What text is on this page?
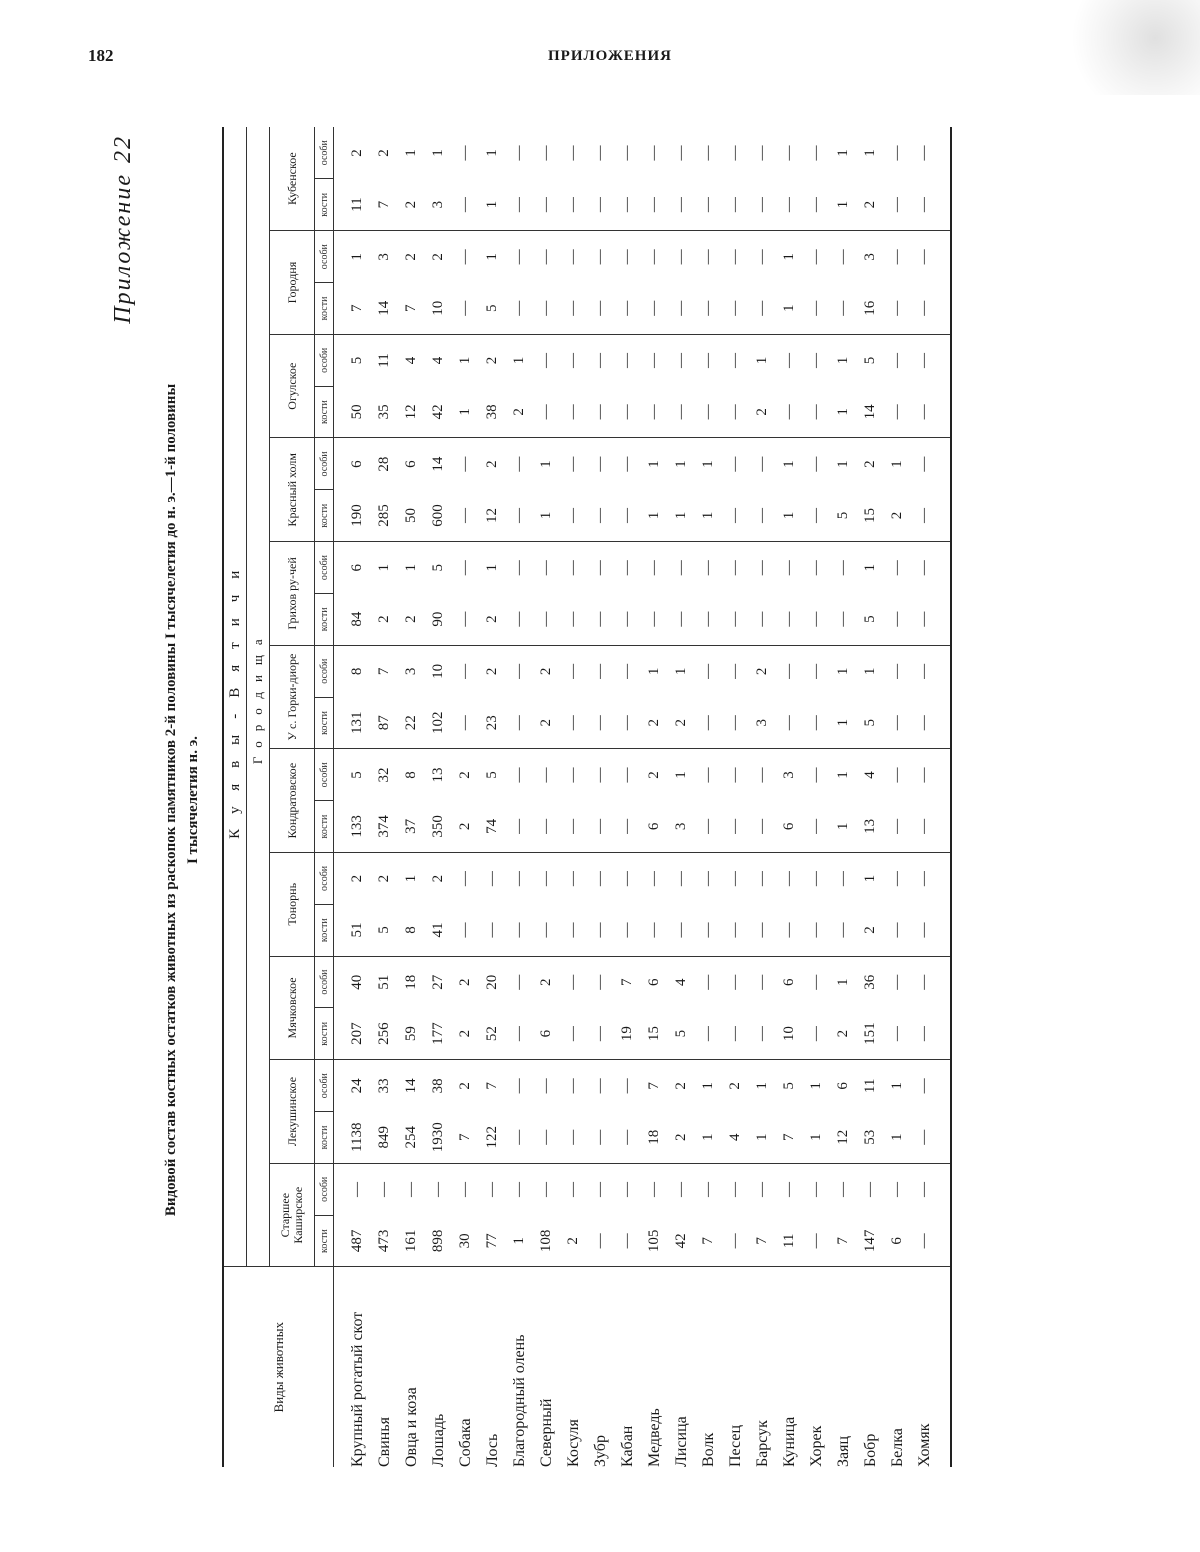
182	ПРИЛОЖЕНИЯ
Приложение22
Видовой состав костных остатков животных из раскопок памятников 2-й половины I тысячелетия до н. э.—1-й половины I тысячелетия н. э.
Виды животных	Куявы-Вятичи																					
	Городища																					
	Старшее Каширское		Лекушинское		Мячковское		Тонорнь		Кондратовское		У с. Горки-диоре		Грихов ру-чей		Красный холм		Огулское		Городня		Кубенское	
	кости	особи	кости	особи	кости	особи	кости	особи	кости	особи	кости	особи	кости	особи	кости	особи	кости	особи	кости	особи	кости	особи
Крупный рогатый скот	487	—	1138	24	207	40	51	2	133	5	131	8	84	6	190	6	50	5	7	1	11	2
Свинья	473	—	849	33	256	51	5	2	374	32	87	7	2	1	285	28	35	11	14	3	7	2
Овца и коза	161	—	254	14	59	18	8	1	37	8	22	3	2	1	50	6	12	4	7	2	2	1
Лошадь	898	—	1930	38	177	27	41	2	350	13	102	10	90	5	600	14	42	4	10	2	3	1
Собака	30	—	7	2	2	2	—	—	2	2	—	—	—	—	—	—	1	1	—	—	—	—
Лось	77	—	122	7	52	20	—	—	74	5	23	2	2	1	12	2	38	2	5	1	1	1
Благородный олень	1	—	—	—	—	—	—	—	—	—	—	—	—	—	—	—	2	1	—	—	—	—
Северный	108	—	—	—	6	2	—	—	—	—	2	2	—	—	1	1	—	—	—	—	—	—
Косуля	2	—	—	—	—	—	—	—	—	—	—	—	—	—	—	—	—	—	—	—	—	—
Зубр	—	—	—	—	—	—	—	—	—	—	—	—	—	—	—	—	—	—	—	—	—	—
Кабан	—	—	—	—	19	7	—	—	—	—	—	—	—	—	—	—	—	—	—	—	—	—
Медведь	105	—	18	7	15	6	—	—	6	2	2	1	—	—	1	1	—	—	—	—	—	—
Лисица	42	—	2	2	5	4	—	—	3	1	2	1	—	—	1	1	—	—	—	—	—	—
Волк	7	—	1	1	—	—	—	—	—	—	—	—	—	—	1	1	—	—	—	—	—	—
Песец	—	—	4	2	—	—	—	—	—	—	—	—	—	—	—	—	—	—	—	—	—	—
Барсук	7	—	1	1	—	—	—	—	—	—	3	2	—	—	—	—	2	1	—	—	—	—
Куница	11	—	7	5	10	6	—	—	6	3	—	—	—	—	1	1	—	—	1	1	—	—
Хорек	—	—	1	1	—	—	—	—	—	—	—	—	—	—	—	—	—	—	—	—	—	—
Заяц	7	—	12	6	2	1	—	—	1	1	1	1	—	—	5	1	1	1	—	—	1	1
Бобр	147	—	53	11	151	36	2	1	13	4	5	1	5	1	15	2	14	5	16	3	2	1
Белка	6	—	1	1	—	—	—	—	—	—	—	—	—	—	2	1	—	—	—	—	—	—
Хомяк	—	—	—	—	—	—	—	—	—	—	—	—	—	—	—	—	—	—	—	—	—	—
